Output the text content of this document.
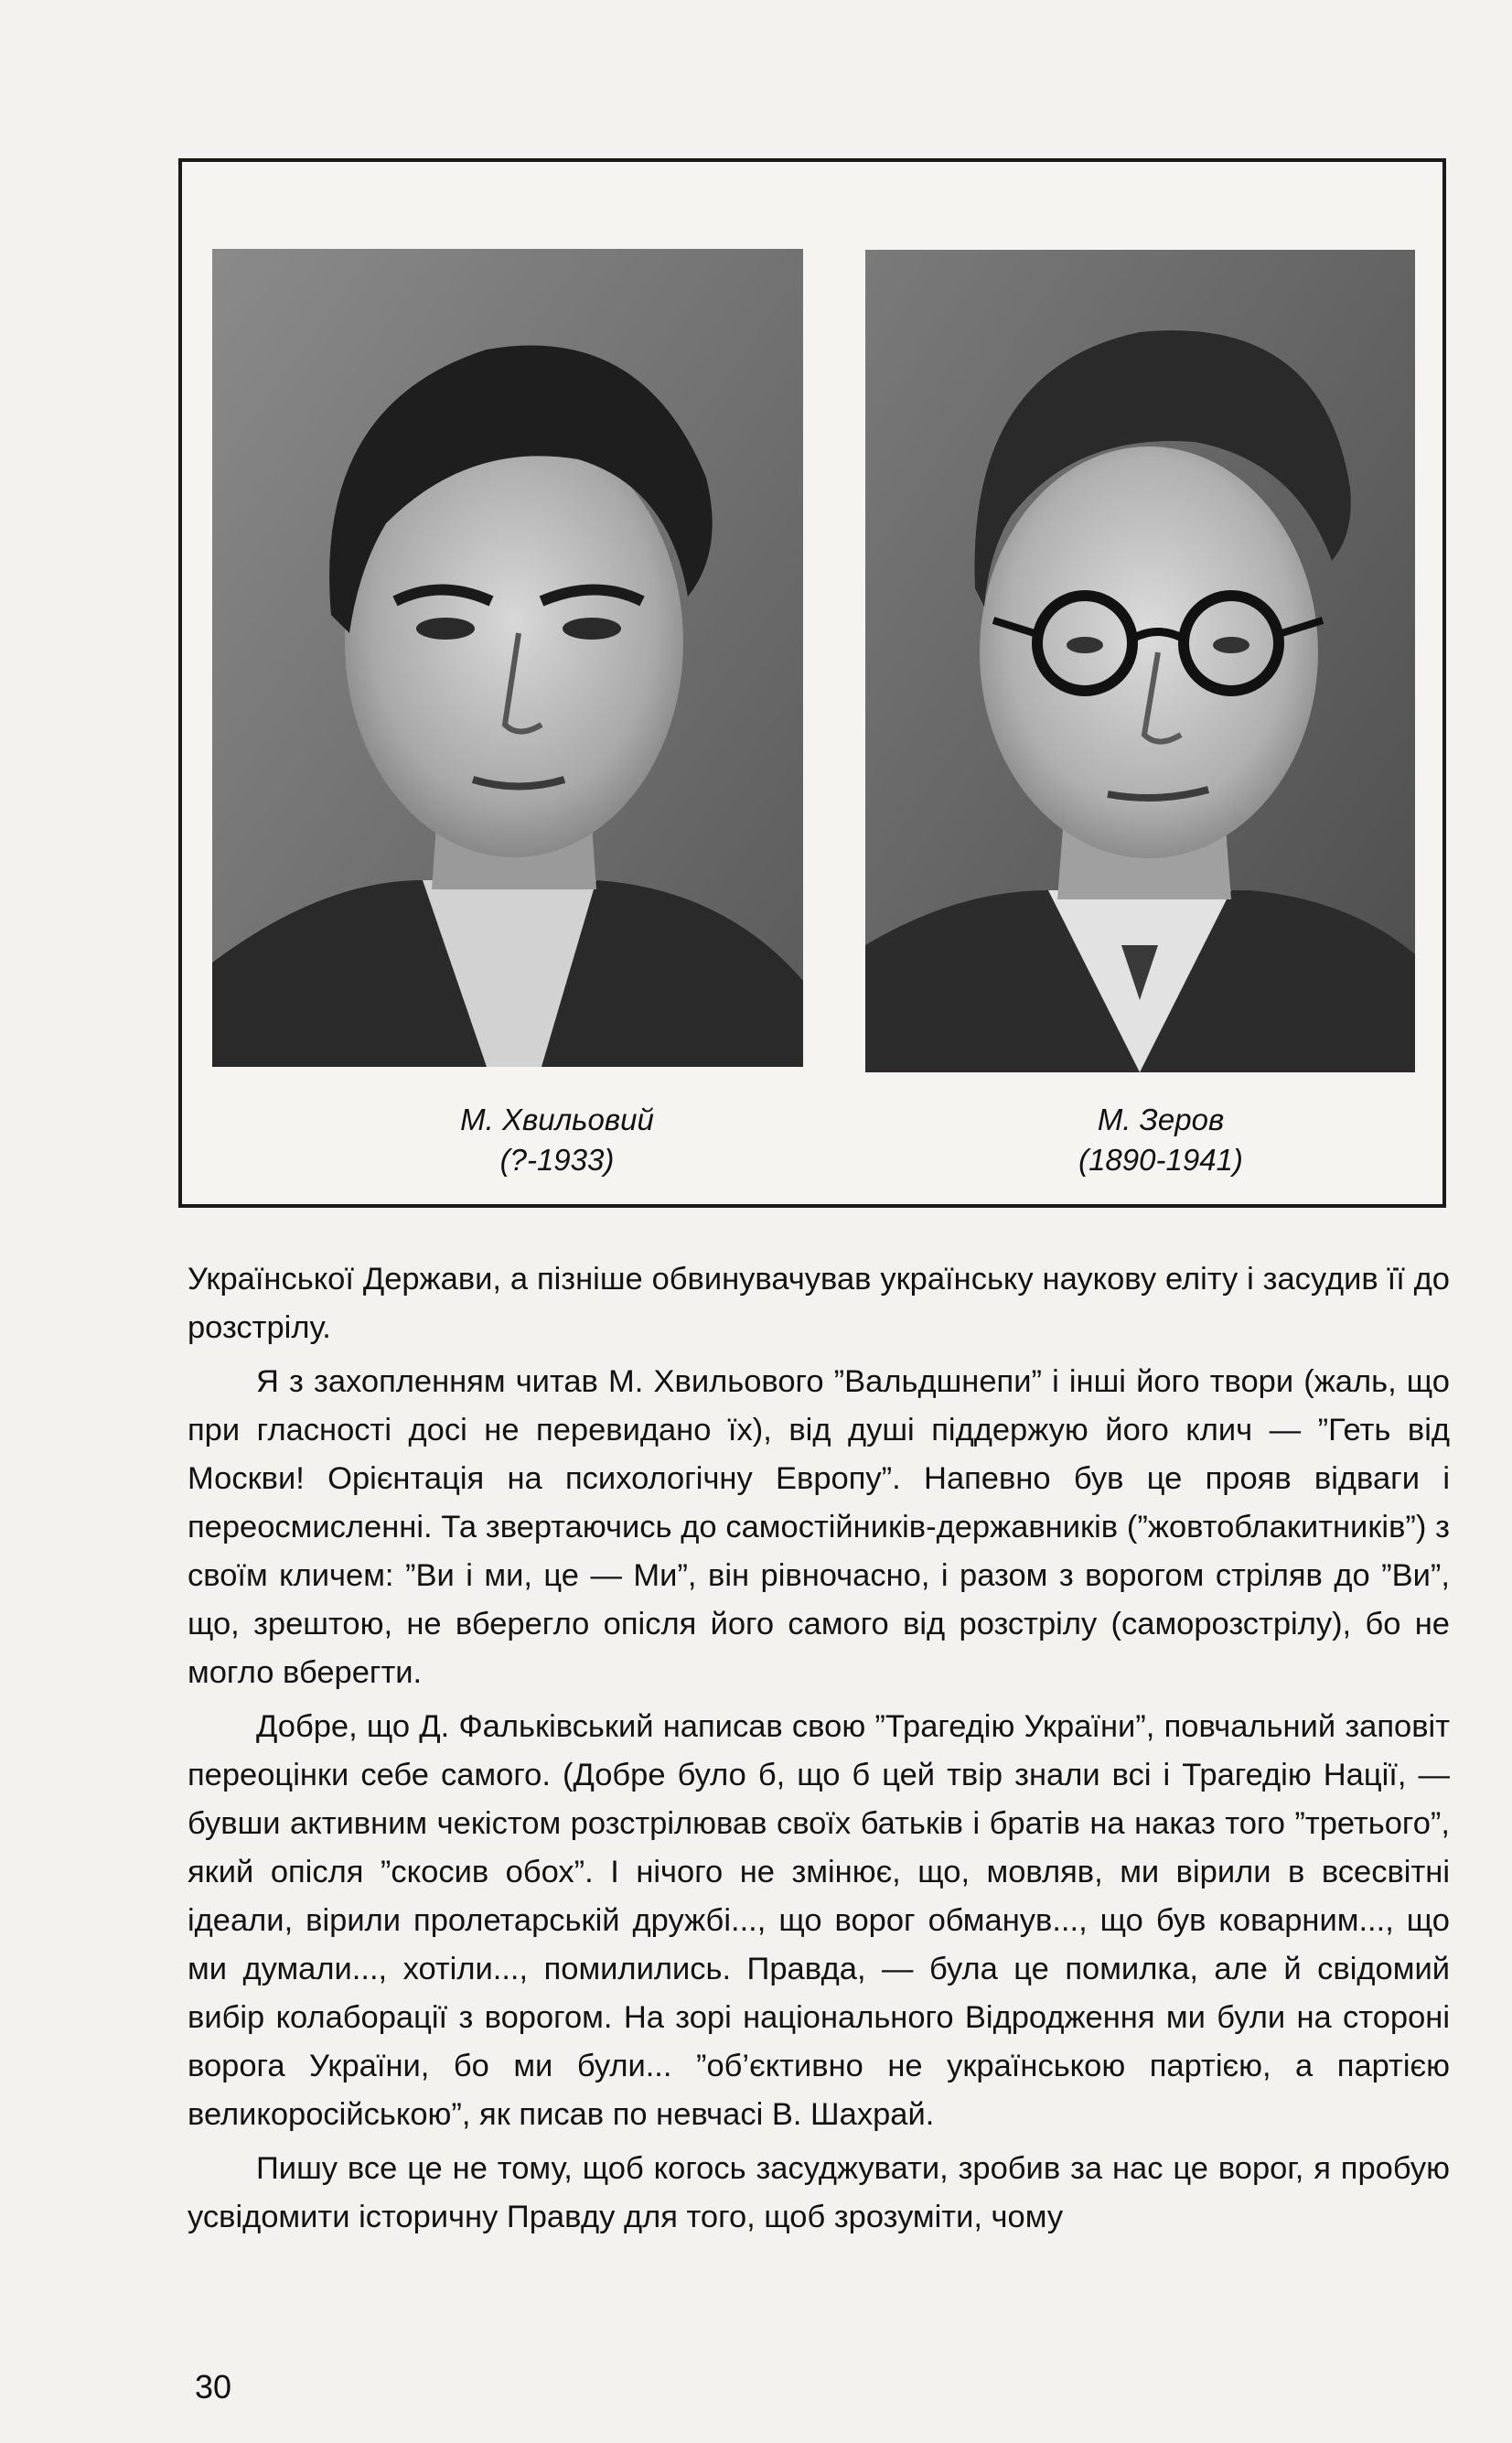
М. Хвильовий
(?-1933)
М. Зеров
(1890-1941)

Української Держави, а пізніше обвинувачував українську наукову еліту і засудив її до розстрілу.

Я з захопленням читав М. Хвильового ”Вальдшнепи” і інші його твори (жаль, що при гласності досі не перевидано їх), від душі піддержую його клич — ”Геть від Москви! Орієнтація на психологічну Европу”. Напевно був це прояв відваги і переосмисленні. Та звертаючись до самостійників-державників (”жовтоблакитників”) з своїм кличем: ”Ви і ми, це — Ми”, він рівночасно, і разом з ворогом стріляв до ”Ви”, що, зрештою, не вберегло опісля його самого від розстрілу (саморозстрілу), бо не могло вберегти.

Добре, що Д. Фальківський написав свою ”Трагедію України”, повчальний заповіт переоцінки себе самого. (Добре було б, що б цей твір знали всі і Трагедію Нації, — бувши активним чекістом розстрілював своїх батьків і братів на наказ того ”третього”, який опісля ”скосив обох”. І нічого не змінює, що, мовляв, ми вірили в всесвітні ідеали, вірили пролетарській дружбі..., що ворог обманув..., що був коварним..., що ми думали..., хотіли..., помилились. Правда, — була це помилка, але й свідомий вибір колаборації з ворогом. На зорі національного Відродження ми були на стороні ворога України, бо ми були... ”об’єктивно не українською партією, а партією великоросійською”, як писав по невчасі В. Шахрай.

Пишу все це не тому, щоб когось засуджувати, зробив за нас це ворог, я пробую усвідомити історичну Правду для того, щоб зрозуміти, чому

30
